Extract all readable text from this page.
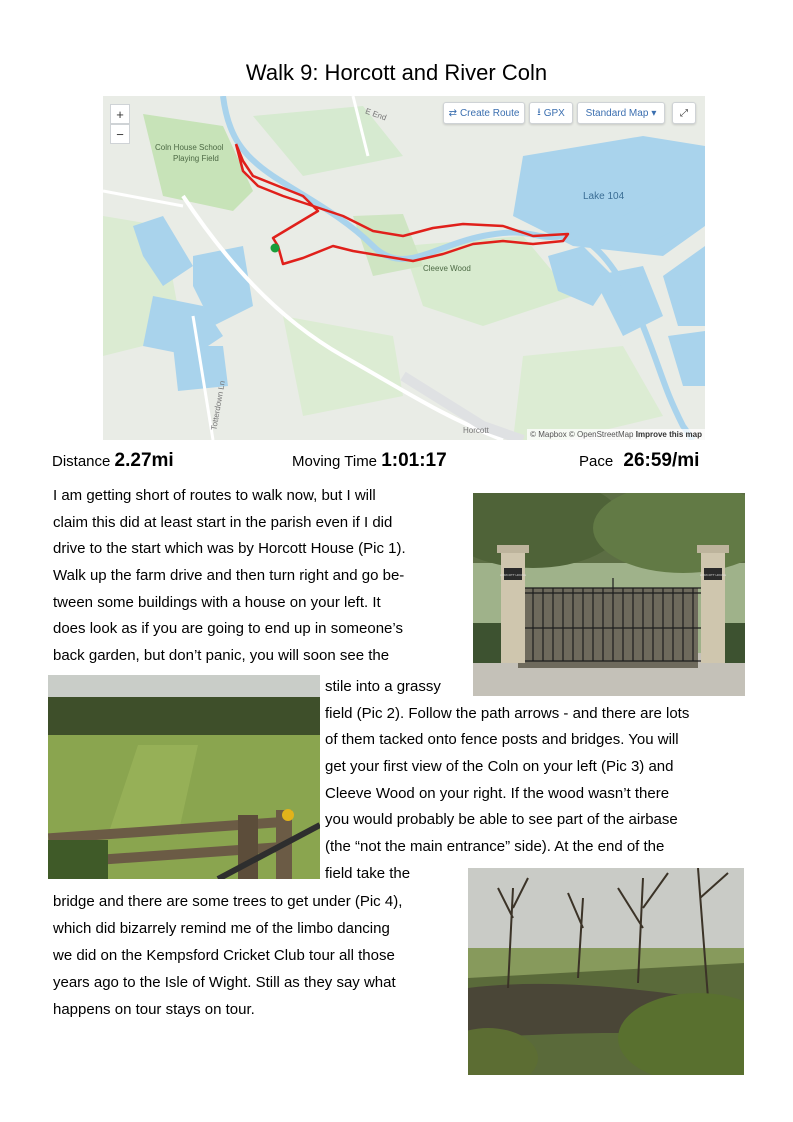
Walk 9: Horcott and River Coln
+
−
⇄ Create Route ⭳ GPX Standard Map ▾ ⤢
Coln House School
Playing Field
Lake 104
Cleeve Wood
E End
Totterdown Ln	Horcott	© Mapbox © OpenStreetMap Improve this map
Distance 2.27mi	Moving Time 1:01:17	Pace 26:59/mi
HORCOTT HOUSE	HORCOTT HOUSE
I am getting short of routes to walk now, but I will
claim this did at least start in the parish even if I did
drive to the start which was by Horcott House (Pic 1).
Walk up the farm drive and then turn right and go be-
tween some buildings with a house on your left. It
does look as if you are going to end up in someone’s
back garden, but don’t panic, you will soon see the
stile into a grassy
field (Pic 2). Follow the path arrows - and there are lots
of them tacked onto fence posts and bridges. You will
get your first view of the Coln on your left (Pic 3) and
Cleeve Wood on your right. If the wood wasn’t there
you would probably be able to see part of the airbase
(the “not the main entrance” side). At the end of the
field take the
bridge and there are some trees to get under (Pic 4),
which did bizarrely remind me of the limbo dancing
we did on the Kempsford Cricket Club tour all those
years ago to the Isle of Wight. Still as they say what
happens on tour stays on tour.
